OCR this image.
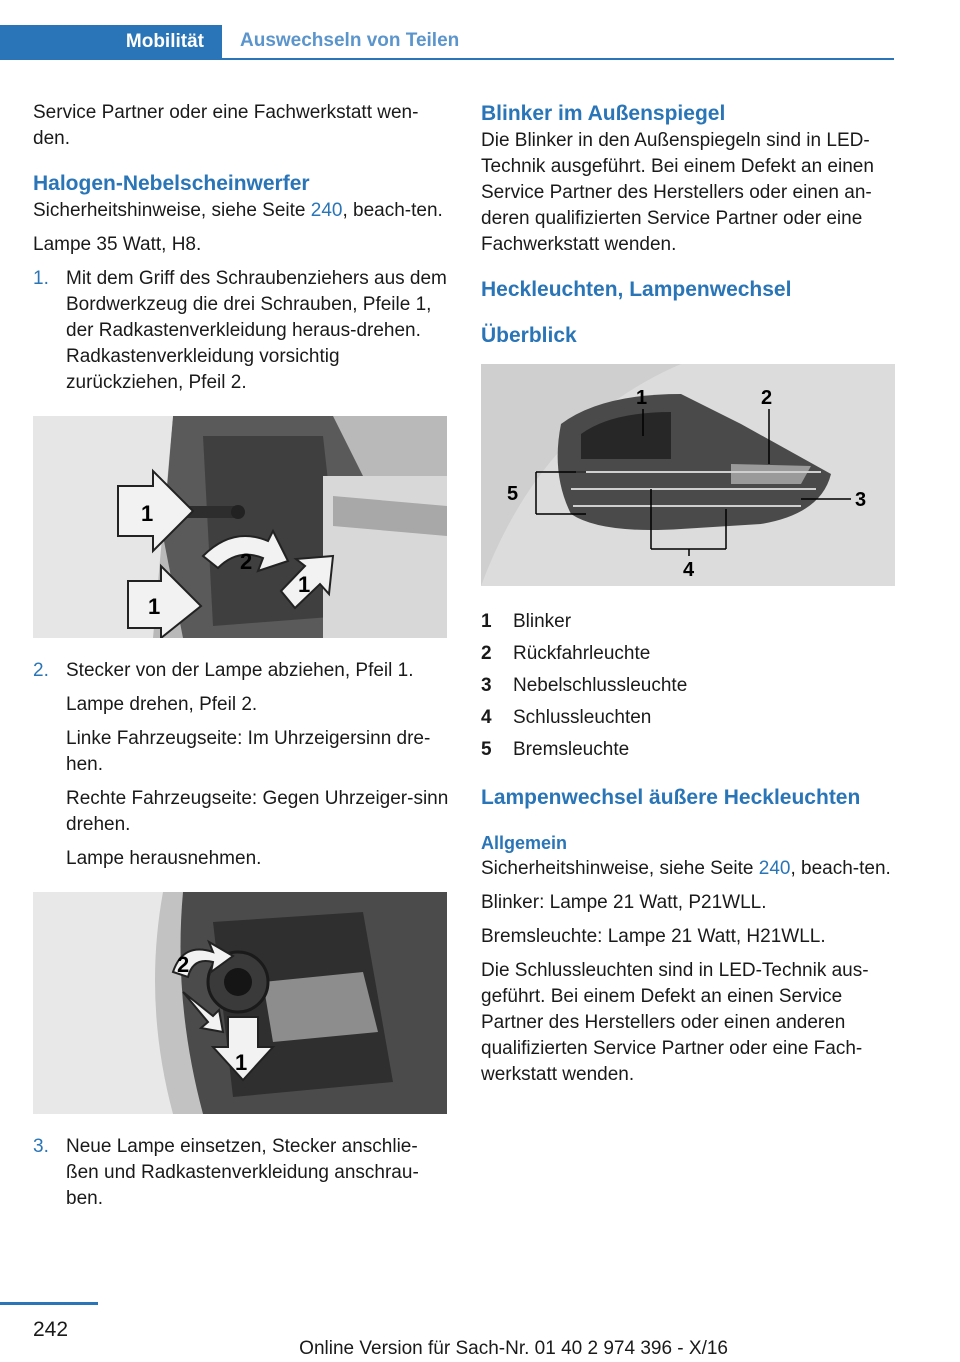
Mobilität	Auswechseln von Teilen

Service Partner oder eine Fachwerkstatt wen-den.

Halogen-Nebelscheinwerfer

Sicherheitshinweise, siehe Seite 240, beach-ten.

Lampe 35 Watt, H8.

1. Mit dem Griff des Schraubenziehers aus dem Bordwerkzeug die drei Schrauben, Pfeile 1, der Radkastenverkleidung heraus-drehen. Radkastenverkleidung vorsichtig zurückziehen, Pfeil 2.
1
2
1
1
2. Stecker von der Lampe abziehen, Pfeil 1.

Lampe drehen, Pfeil 2.

Linke Fahrzeugseite: Im Uhrzeigersinn dre-hen.

Rechte Fahrzeugseite: Gegen Uhrzeiger-sinn drehen.

Lampe herausnehmen.

2
1
3. Neue Lampe einsetzen, Stecker anschlie-ßen und Radkastenverkleidung anschrau-ben.
Blinker im Außenspiegel

Die Blinker in den Außenspiegeln sind in LED-Technik ausgeführt. Bei einem Defekt an einen Service Partner des Herstellers oder einen an-deren qualifizierten Service Partner oder eine Fachwerkstatt wenden.

Heckleuchten, Lampenwechsel
Überblick
1	2
3
4
5
1	Blinker
2	Rückfahrleuchte
3	Nebelschlussleuchte
4	Schlussleuchten
5	Bremsleuchte
Lampenwechsel äußere Heckleuchten
Allgemein

Sicherheitshinweise, siehe Seite 240, beach-ten.

Blinker: Lampe 21 Watt, P21WLL.

Bremsleuchte: Lampe 21 Watt, H21WLL.

Die Schlussleuchten sind in LED-Technik aus-geführt. Bei einem Defekt an einen Service Partner des Herstellers oder einen anderen qualifizierten Service Partner oder eine Fach-werkstatt wenden.

242
Online Version für Sach-Nr. 01 40 2 974 396 - X/16
